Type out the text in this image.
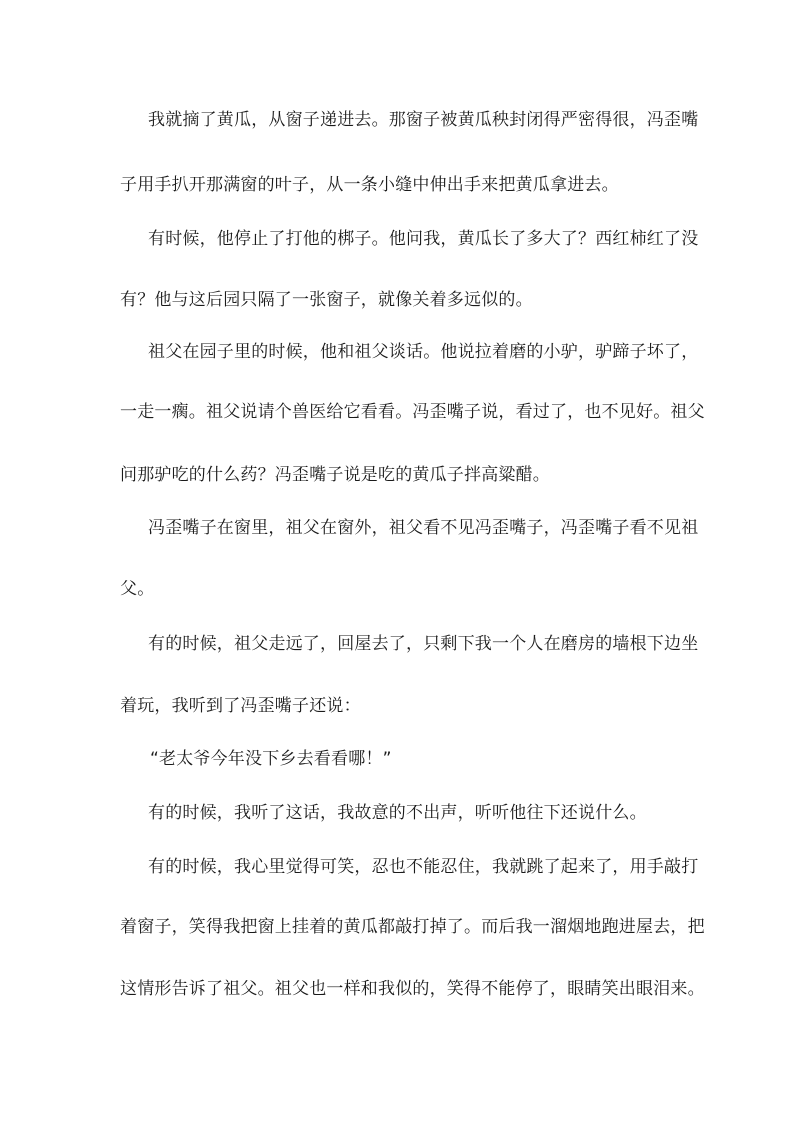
我就摘了黄瓜，从窗子递进去。那窗子被黄瓜秧封闭得严密得很，冯歪嘴
子用手扒开那满窗的叶子，从一条小缝中伸出手来把黄瓜拿进去。
有时候，他停止了打他的梆子。他问我，黄瓜长了多大了？西红柿红了没
有？他与这后园只隔了一张窗子，就像关着多远似的。
祖父在园子里的时候，他和祖父谈话。他说拉着磨的小驴，驴蹄子坏了，
一走一瘸。祖父说请个兽医给它看看。冯歪嘴子说，看过了，也不见好。祖父
问那驴吃的什么药？冯歪嘴子说是吃的黄瓜子拌高粱醋。
冯歪嘴子在窗里，祖父在窗外，祖父看不见冯歪嘴子，冯歪嘴子看不见祖
父。
有的时候，祖父走远了，回屋去了，只剩下我一个人在磨房的墙根下边坐
着玩，我听到了冯歪嘴子还说：
“老太爷今年没下乡去看看哪！”
有的时候，我听了这话，我故意的不出声，听听他往下还说什么。
有的时候，我心里觉得可笑，忍也不能忍住，我就跳了起来了，用手敲打
着窗子，笑得我把窗上挂着的黄瓜都敲打掉了。而后我一溜烟地跑进屋去，把
这情形告诉了祖父。祖父也一样和我似的，笑得不能停了，眼睛笑出眼泪来。
